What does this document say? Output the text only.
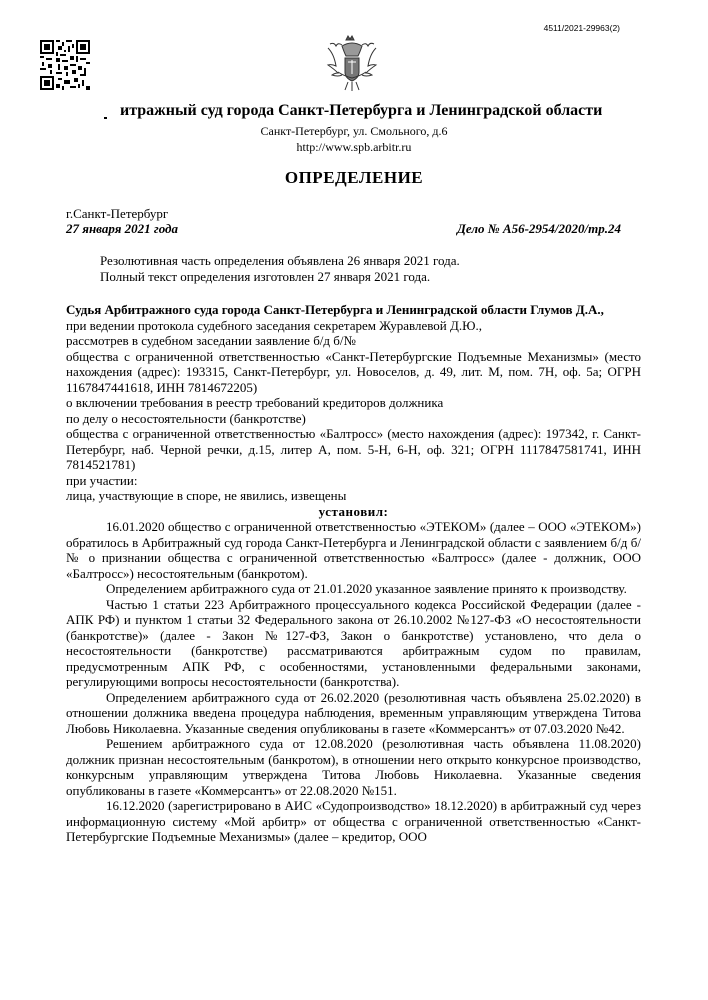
4511/2021-29963(2)
итражный суд города Санкт-Петербурга и Ленинградской области
Санкт-Петербург, ул. Смольного, д.6
http://www.spb.arbitr.ru
ОПРЕДЕЛЕНИЕ
г.Санкт-Петербург
27 января 2021 года	Дело № А56-2954/2020/тр.24
Резолютивная часть определения объявлена 26 января 2021 года.
Полный текст определения изготовлен 27 января 2021 года.

Судья Арбитражного суда города Санкт-Петербурга и Ленинградской области Глумов Д.А.,

при ведении протокола судебного заседания секретарем Журавлевой Д.Ю.,

рассмотрев в судебном заседании заявление б/д б/№

общества с ограниченной ответственностью «Санкт-Петербургские Подъемные Механизмы» (место нахождения (адрес): 193315, Санкт-Петербург, ул. Новоселов, д. 49, лит. М, пом. 7Н, оф. 5а; ОГРН 1167847441618, ИНН 7814672205)

о включении требования в реестр требований кредиторов должника

по делу о несостоятельности (банкротстве)

общества с ограниченной ответственностью «Балтросс» (место нахождения (адрес): 197342, г. Санкт-Петербург, наб. Черной речки, д.15, литер А, пом. 5-Н, 6-Н, оф. 321; ОГРН 1117847581741, ИНН 7814521781)

при участии:

лица, участвующие в споре, не явились, извещены

установил:

16.01.2020 общество с ограниченной ответственностью «ЭТЕКОМ» (далее – ООО «ЭТЕКОМ») обратилось в Арбитражный суд города Санкт-Петербурга и Ленинградской области с заявлением б/д б/№ о признании общества с ограниченной ответственностью «Балтросс» (далее - должник, ООО «Балтросс») несостоятельным (банкротом).

Определением арбитражного суда от 21.01.2020 указанное заявление принято к производству.

Частью 1 статьи 223 Арбитражного процессуального кодекса Российской Федерации (далее - АПК РФ) и пунктом 1 статьи 32 Федерального закона от 26.10.2002 №127-ФЗ «О несостоятельности (банкротстве)» (далее - Закон №127-ФЗ, Закон о банкротстве) установлено, что дела о несостоятельности (банкротстве) рассматриваются арбитражным судом по правилам, предусмотренным АПК РФ, с особенностями, установленными федеральными законами, регулирующими вопросы несостоятельности (банкротства).

Определением арбитражного суда от 26.02.2020 (резолютивная часть объявлена 25.02.2020) в отношении должника введена процедура наблюдения, временным управляющим утверждена Титова Любовь Николаевна. Указанные сведения опубликованы в газете «Коммерсантъ» от 07.03.2020 №42.

Решением арбитражного суда от 12.08.2020 (резолютивная часть объявлена 11.08.2020) должник признан несостоятельным (банкротом), в отношении него открыто конкурсное производство, конкурсным управляющим утверждена Титова Любовь Николаевна. Указанные сведения опубликованы в газете «Коммерсантъ» от 22.08.2020 №151.

16.12.2020 (зарегистрировано в АИС «Судопроизводство» 18.12.2020) в арбитражный суд через информационную систему «Мой арбитр» от общества с ограниченной ответственностью «Санкт-Петербургские Подъемные Механизмы» (далее – кредитор, ООО
